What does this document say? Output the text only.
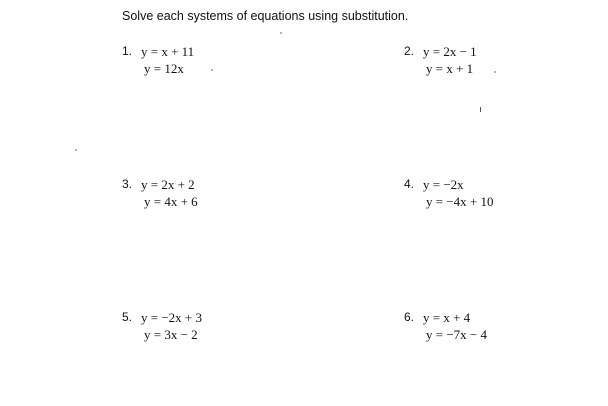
Solve each systems of equations using substitution.
1. y = x + 11
y = 12x
2. y = 2x − 1
y = x + 1
3. y = 2x + 2
y = 4x + 6
4. y = −2x
y = −4x + 10
5. y = −2x + 3
y = 3x − 2
6. y = x + 4
y = −7x − 4
